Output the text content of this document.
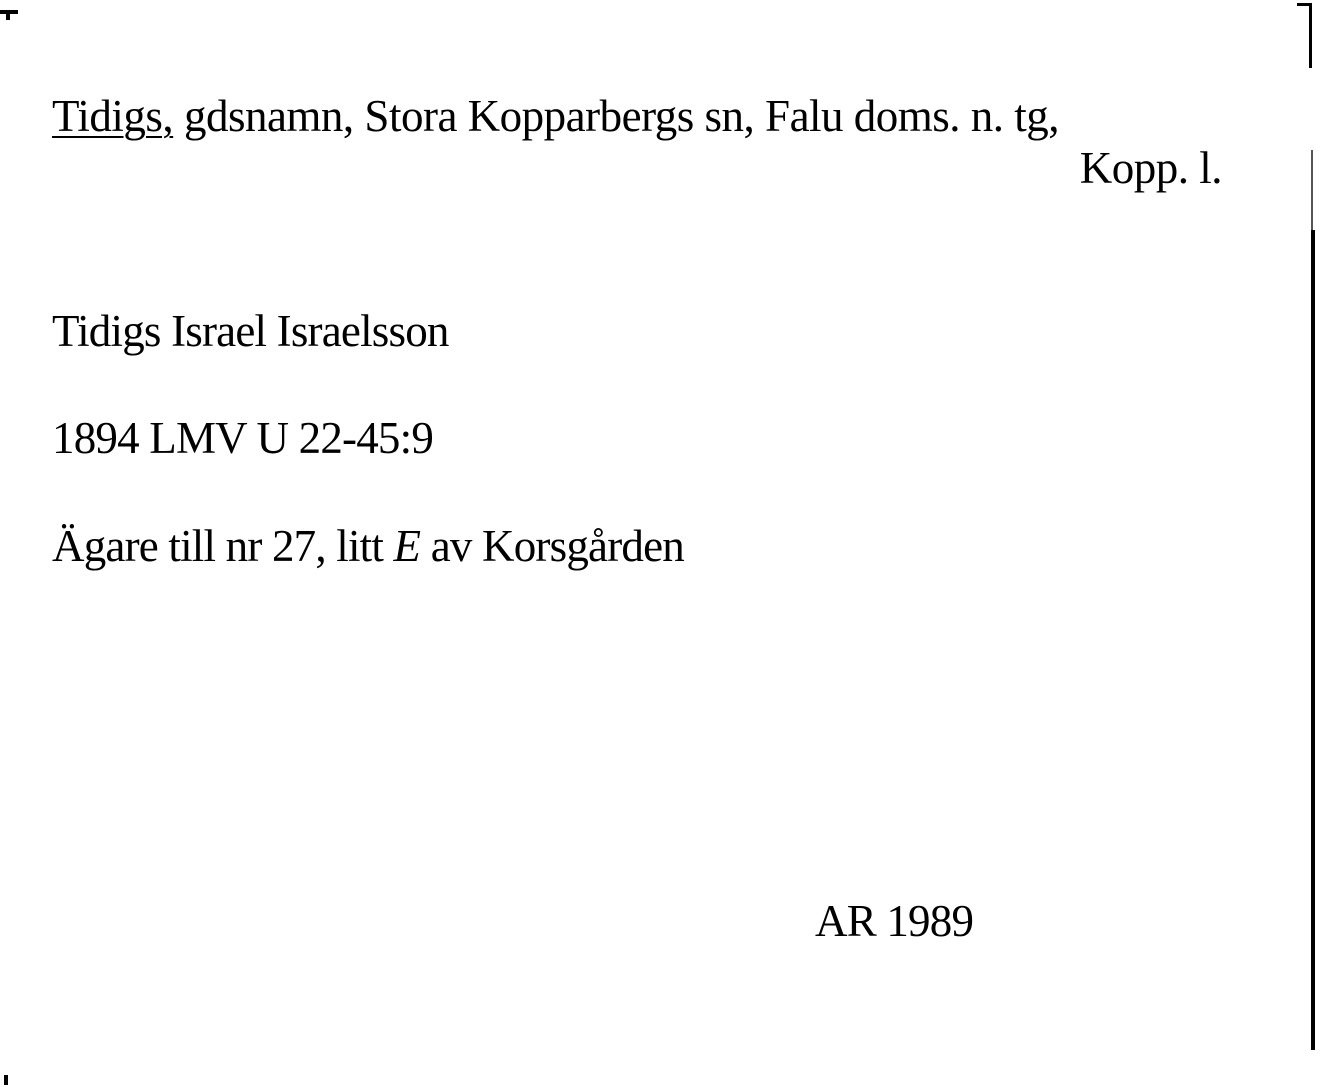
Tidigs, gdsnamn, Stora Kopparbergs sn, Falu doms. n. tg,
Kopp. l.
Tidigs Israel Israelsson
1894 LMV U 22-45:9
Ägare till nr 27, litt E av Korsgården
AR 1989
